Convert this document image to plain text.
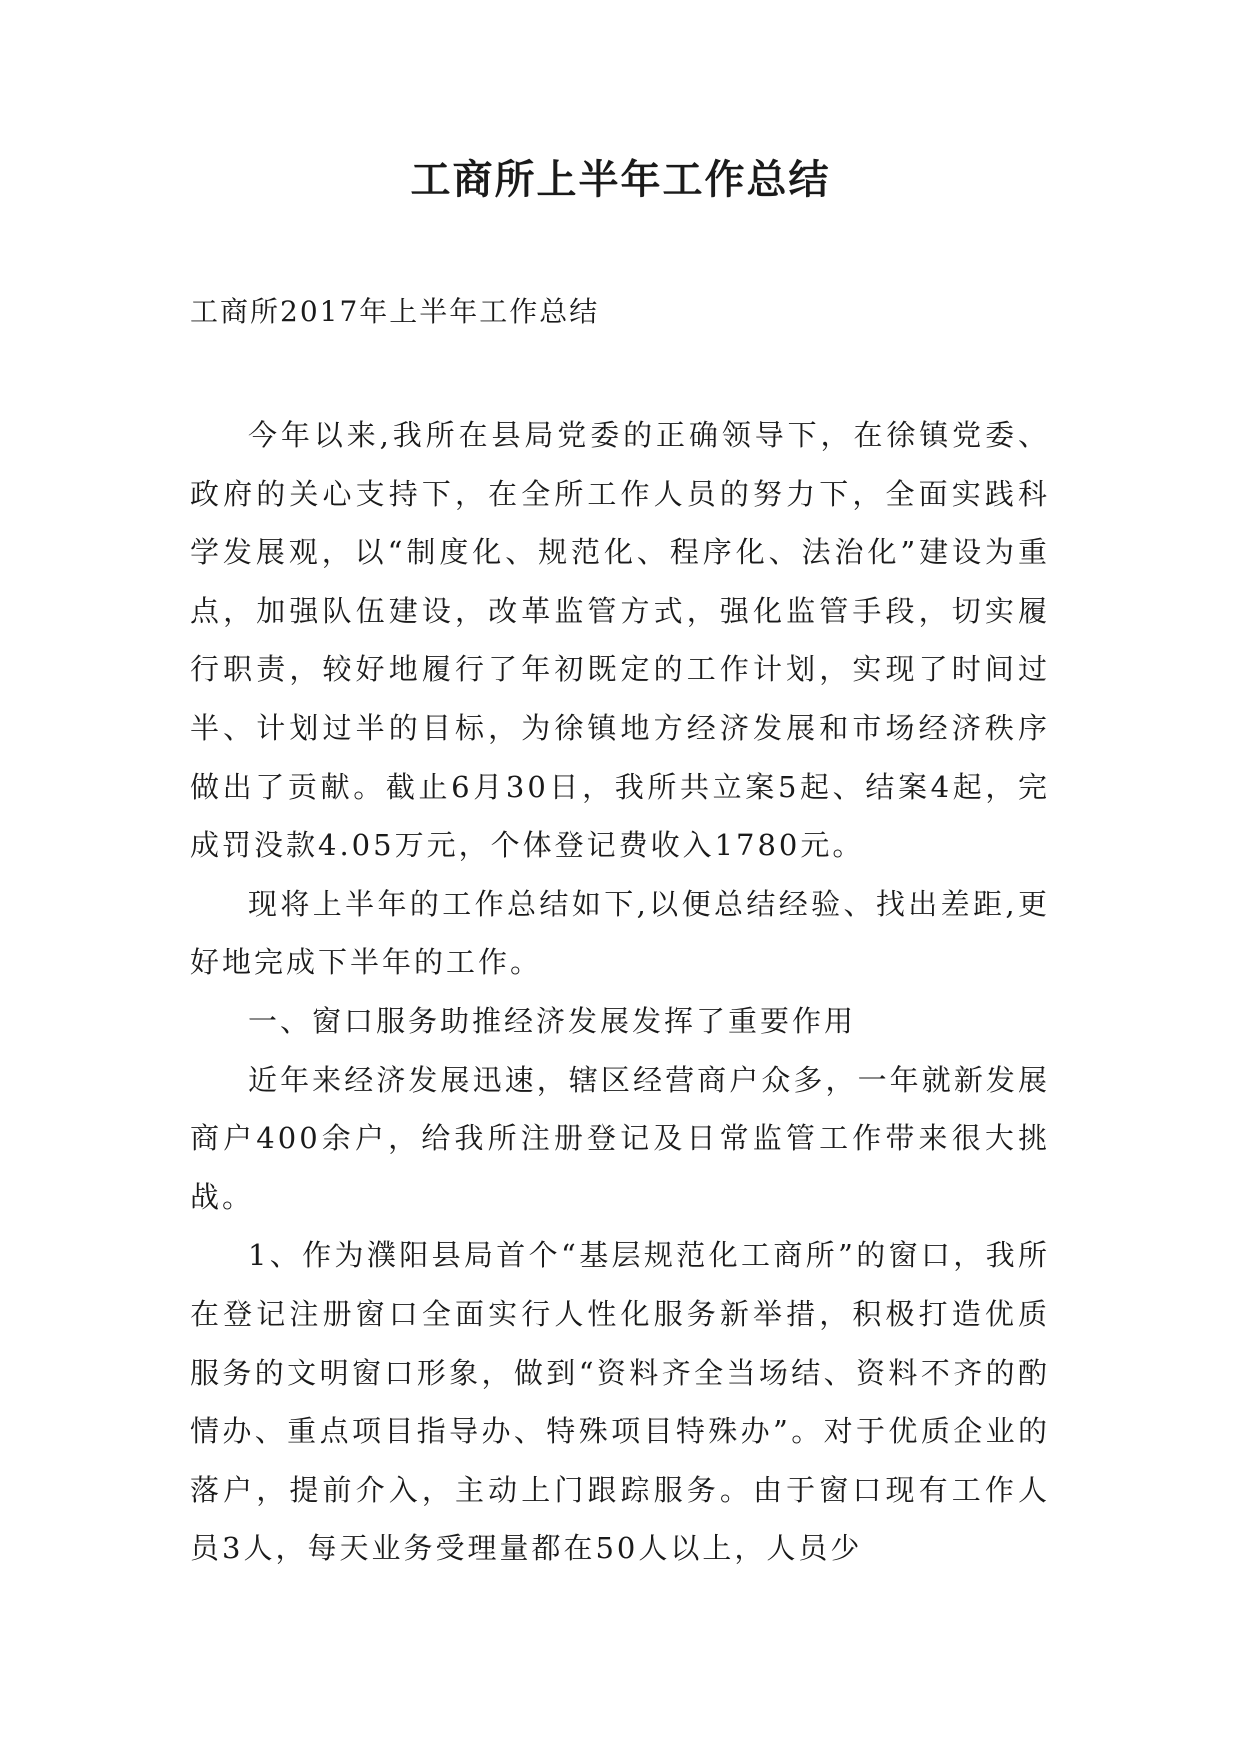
工商所上半年工作总结

工商所2017年上半年工作总结

今年以来,我所在县局党委的正确领导下，在徐镇党委、政府的关心支持下，在全所工作人员的努力下，全面实践科学发展观，以“制度化、规范化、程序化、法治化”建设为重点，加强队伍建设，改革监管方式，强化监管手段，切实履行职责，较好地履行了年初既定的工作计划，实现了时间过半、计划过半的目标，为徐镇地方经济发展和市场经济秩序做出了贡献。截止6月30日，我所共立案5起、结案4起，完成罚没款4.05万元，个体登记费收入1780元。

现将上半年的工作总结如下,以便总结经验、找出差距,更好地完成下半年的工作。

一、窗口服务助推经济发展发挥了重要作用

近年来经济发展迅速，辖区经营商户众多，一年就新发展商户400余户，给我所注册登记及日常监管工作带来很大挑战。

1、作为濮阳县局首个“基层规范化工商所”的窗口，我所在登记注册窗口全面实行人性化服务新举措，积极打造优质服务的文明窗口形象，做到“资料齐全当场结、资料不齐的酌情办、重点项目指导办、特殊项目特殊办”。对于优质企业的落户，提前介入，主动上门跟踪服务。由于窗口现有工作人员3人，每天业务受理量都在50人以上，人员少
